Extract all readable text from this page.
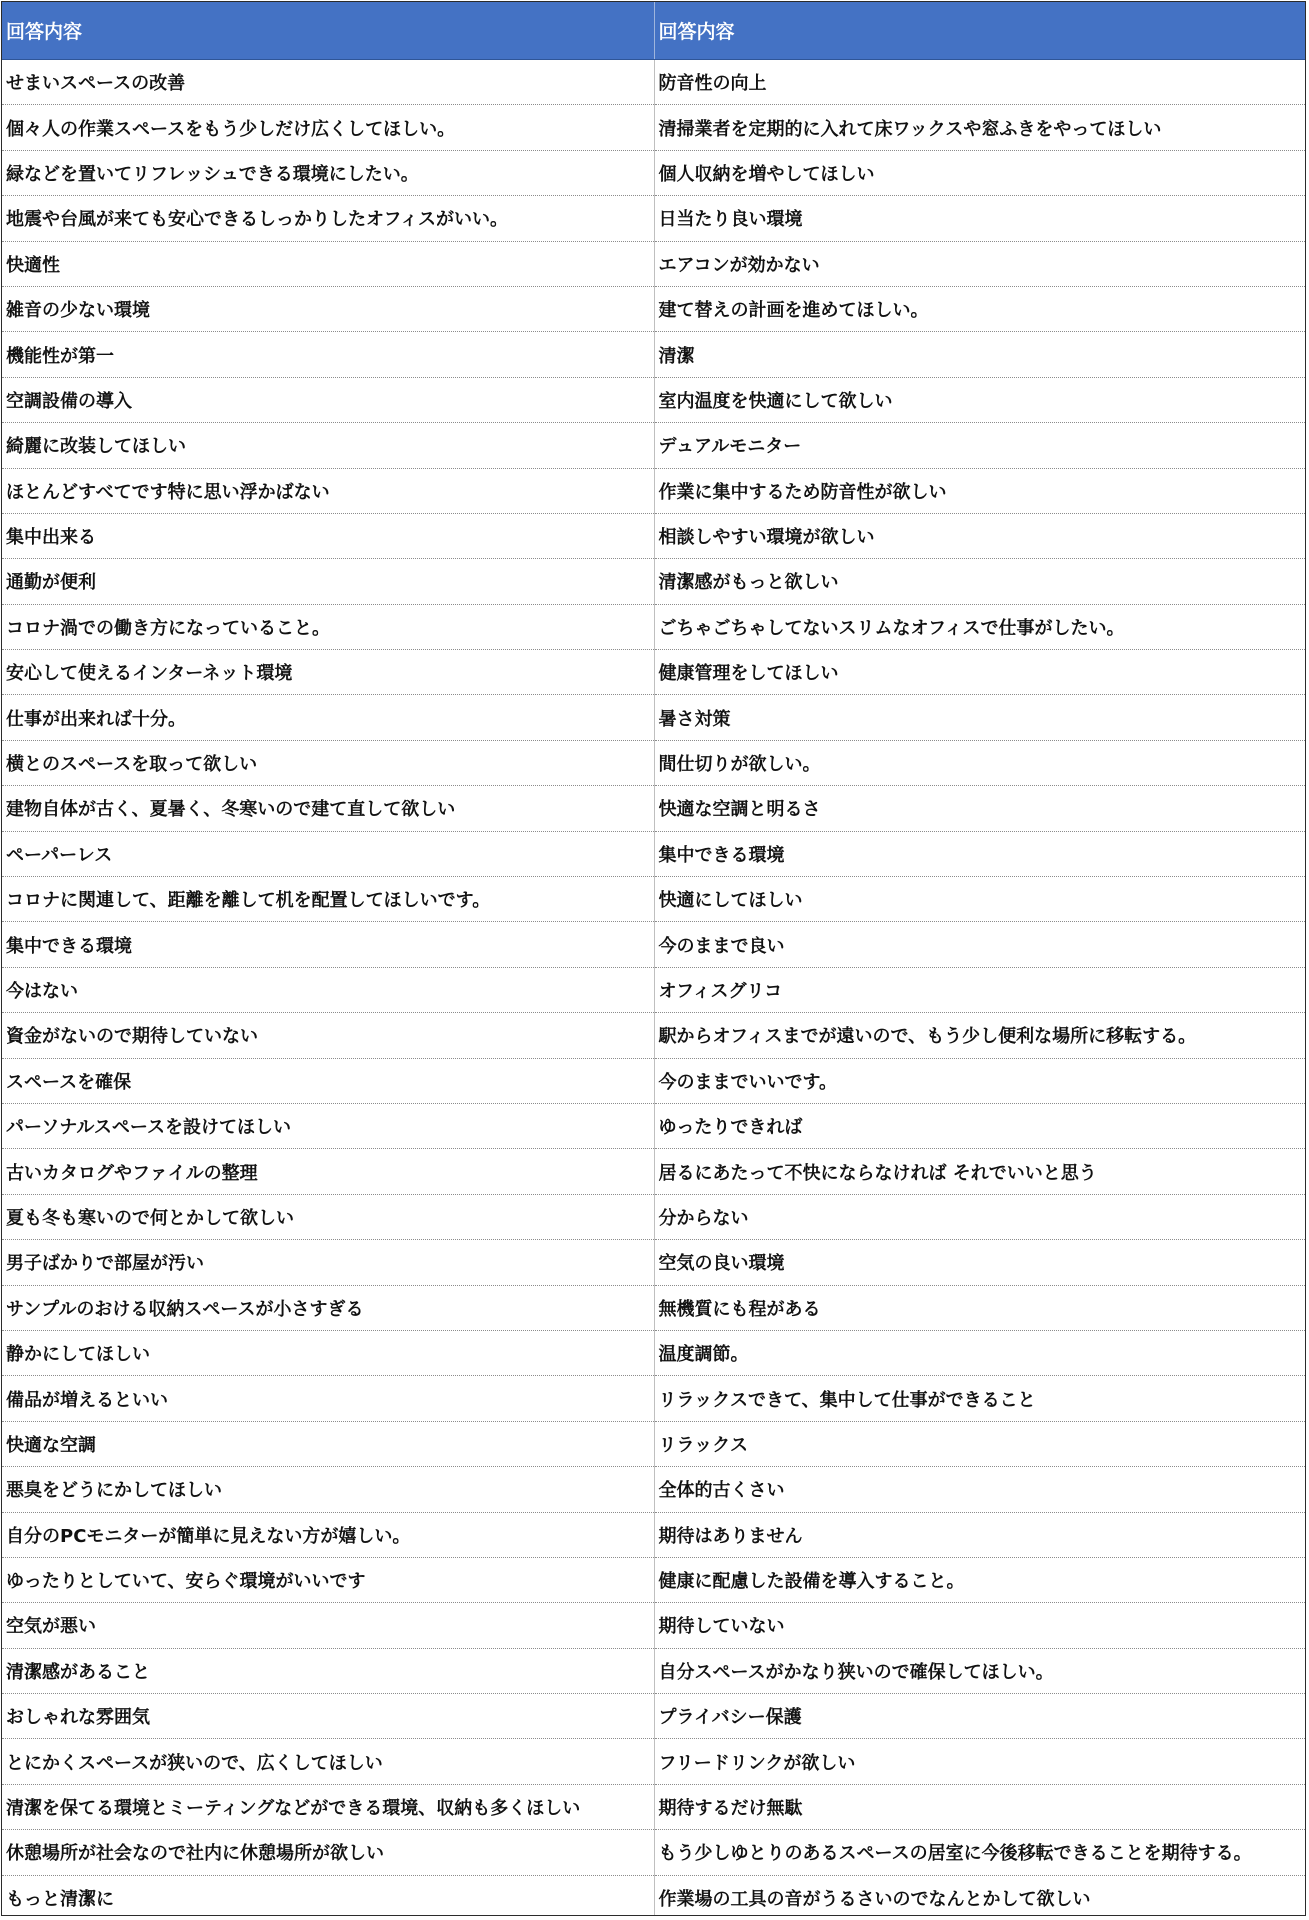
回答内容	回答内容
せまいスペースの改善	防音性の向上
個々人の作業スペースをもう少しだけ広くしてほしい。	清掃業者を定期的に入れて床ワックスや窓ふきをやってほしい
緑などを置いてリフレッシュできる環境にしたい。	個人収納を増やしてほしい
地震や台風が来ても安心できるしっかりしたオフィスがいい。	日当たり良い環境
快適性	エアコンが効かない
雑音の少ない環境	建て替えの計画を進めてほしい。
機能性が第一	清潔
空調設備の導入	室内温度を快適にして欲しい
綺麗に改装してほしい	デュアルモニター
ほとんどすべてです特に思い浮かばない	作業に集中するため防音性が欲しい
集中出来る	相談しやすい環境が欲しい
通勤が便利	清潔感がもっと欲しい
コロナ渦での働き方になっていること。	ごちゃごちゃしてないスリムなオフィスで仕事がしたい。
安心して使えるインターネット環境	健康管理をしてほしい
仕事が出来れば十分。	暑さ対策
横とのスペースを取って欲しい	間仕切りが欲しい。
建物自体が古く、夏暑く、冬寒いので建て直して欲しい	快適な空調と明るさ
ペーパーレス	集中できる環境
コロナに関連して、距離を離して机を配置してほしいです。	快適にしてほしい
集中できる環境	今のままで良い
今はない	オフィスグリコ
資金がないので期待していない	駅からオフィスまでが遠いので、もう少し便利な場所に移転する。
スペースを確保	今のままでいいです。
パーソナルスペースを設けてほしい	ゆったりできれば
古いカタログやファイルの整理	居るにあたって不快にならなければ それでいいと思う
夏も冬も寒いので何とかして欲しい	分からない
男子ばかりで部屋が汚い	空気の良い環境
サンプルのおける収納スペースが小さすぎる	無機質にも程がある
静かにしてほしい	温度調節。
備品が増えるといい	リラックスできて、集中して仕事ができること
快適な空調	リラックス
悪臭をどうにかしてほしい	全体的古くさい
自分のPCモニターが簡単に見えない方が嬉しい。	期待はありません
ゆったりとしていて、安らぐ環境がいいです	健康に配慮した設備を導入すること。
空気が悪い	期待していない
清潔感があること	自分スペースがかなり狭いので確保してほしい。
おしゃれな雰囲気	プライバシー保護
とにかくスペースが狭いので、広くしてほしい	フリードリンクが欲しい
清潔を保てる環境とミーティングなどができる環境、収納も多くほしい	期待するだけ無駄
休憩場所が社会なので社内に休憩場所が欲しい	もう少しゆとりのあるスペースの居室に今後移転できることを期待する。
もっと清潔に	作業場の工具の音がうるさいのでなんとかして欲しい
